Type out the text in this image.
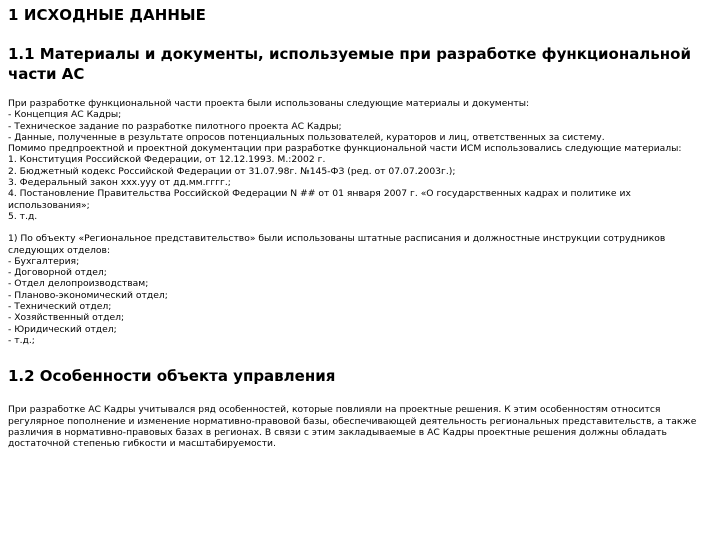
1 ИСХОДНЫЕ ДАННЫЕ
1.1 Материалы и документы, используемые при разработке функциональной части АС
При разработке функциональной части проекта были использованы следующие материалы и документы:
- Концепция АС Кадры;
- Техническое задание по разработке пилотного проекта АС Кадры;
- Данные, полученные в результате опросов потенциальных пользователей, кураторов и лиц, ответственных за систему.
Помимо предпроектной и проектной документации при разработке функциональной части ИСМ использовались следующие материалы:
1. Конституция Российской Федерации, от 12.12.1993. М.:2002 г.
2. Бюджетный кодекс Российской Федерации от 31.07.98г. №145-ФЗ (ред. от 07.07.2003г.);
3. Федеральный закон ххх.ууу от дд.мм.гггг.;
4. Постановление Правительства Российской Федерации N ## от 01 января 2007 г. «О государственных кадрах и политике их использования»;
5. т.д.
1) По объекту «Региональное представительство» были использованы штатные расписания и должностные инструкции сотрудников следующих отделов:
- Бухгалтерия;
- Договорной отдел;
- Отдел делопроизводствам;
- Планово-экономический отдел;
- Технический отдел;
- Хозяйственный отдел;
- Юридический отдел;
- т.д.;
1.2 Особенности объекта управления

При разработке АС Кадры учитывался ряд особенностей, которые повлияли на проектные решения. К этим особенностям относится регулярное пополнение и изменение нормативно-правовой базы, обеспечивающей деятельность региональных представительств, а также различия в нормативно-правовых базах в регионах. В связи с этим закладываемые в АС Кадры проектные решения должны обладать достаточной степенью гибкости и масштабируемости.
